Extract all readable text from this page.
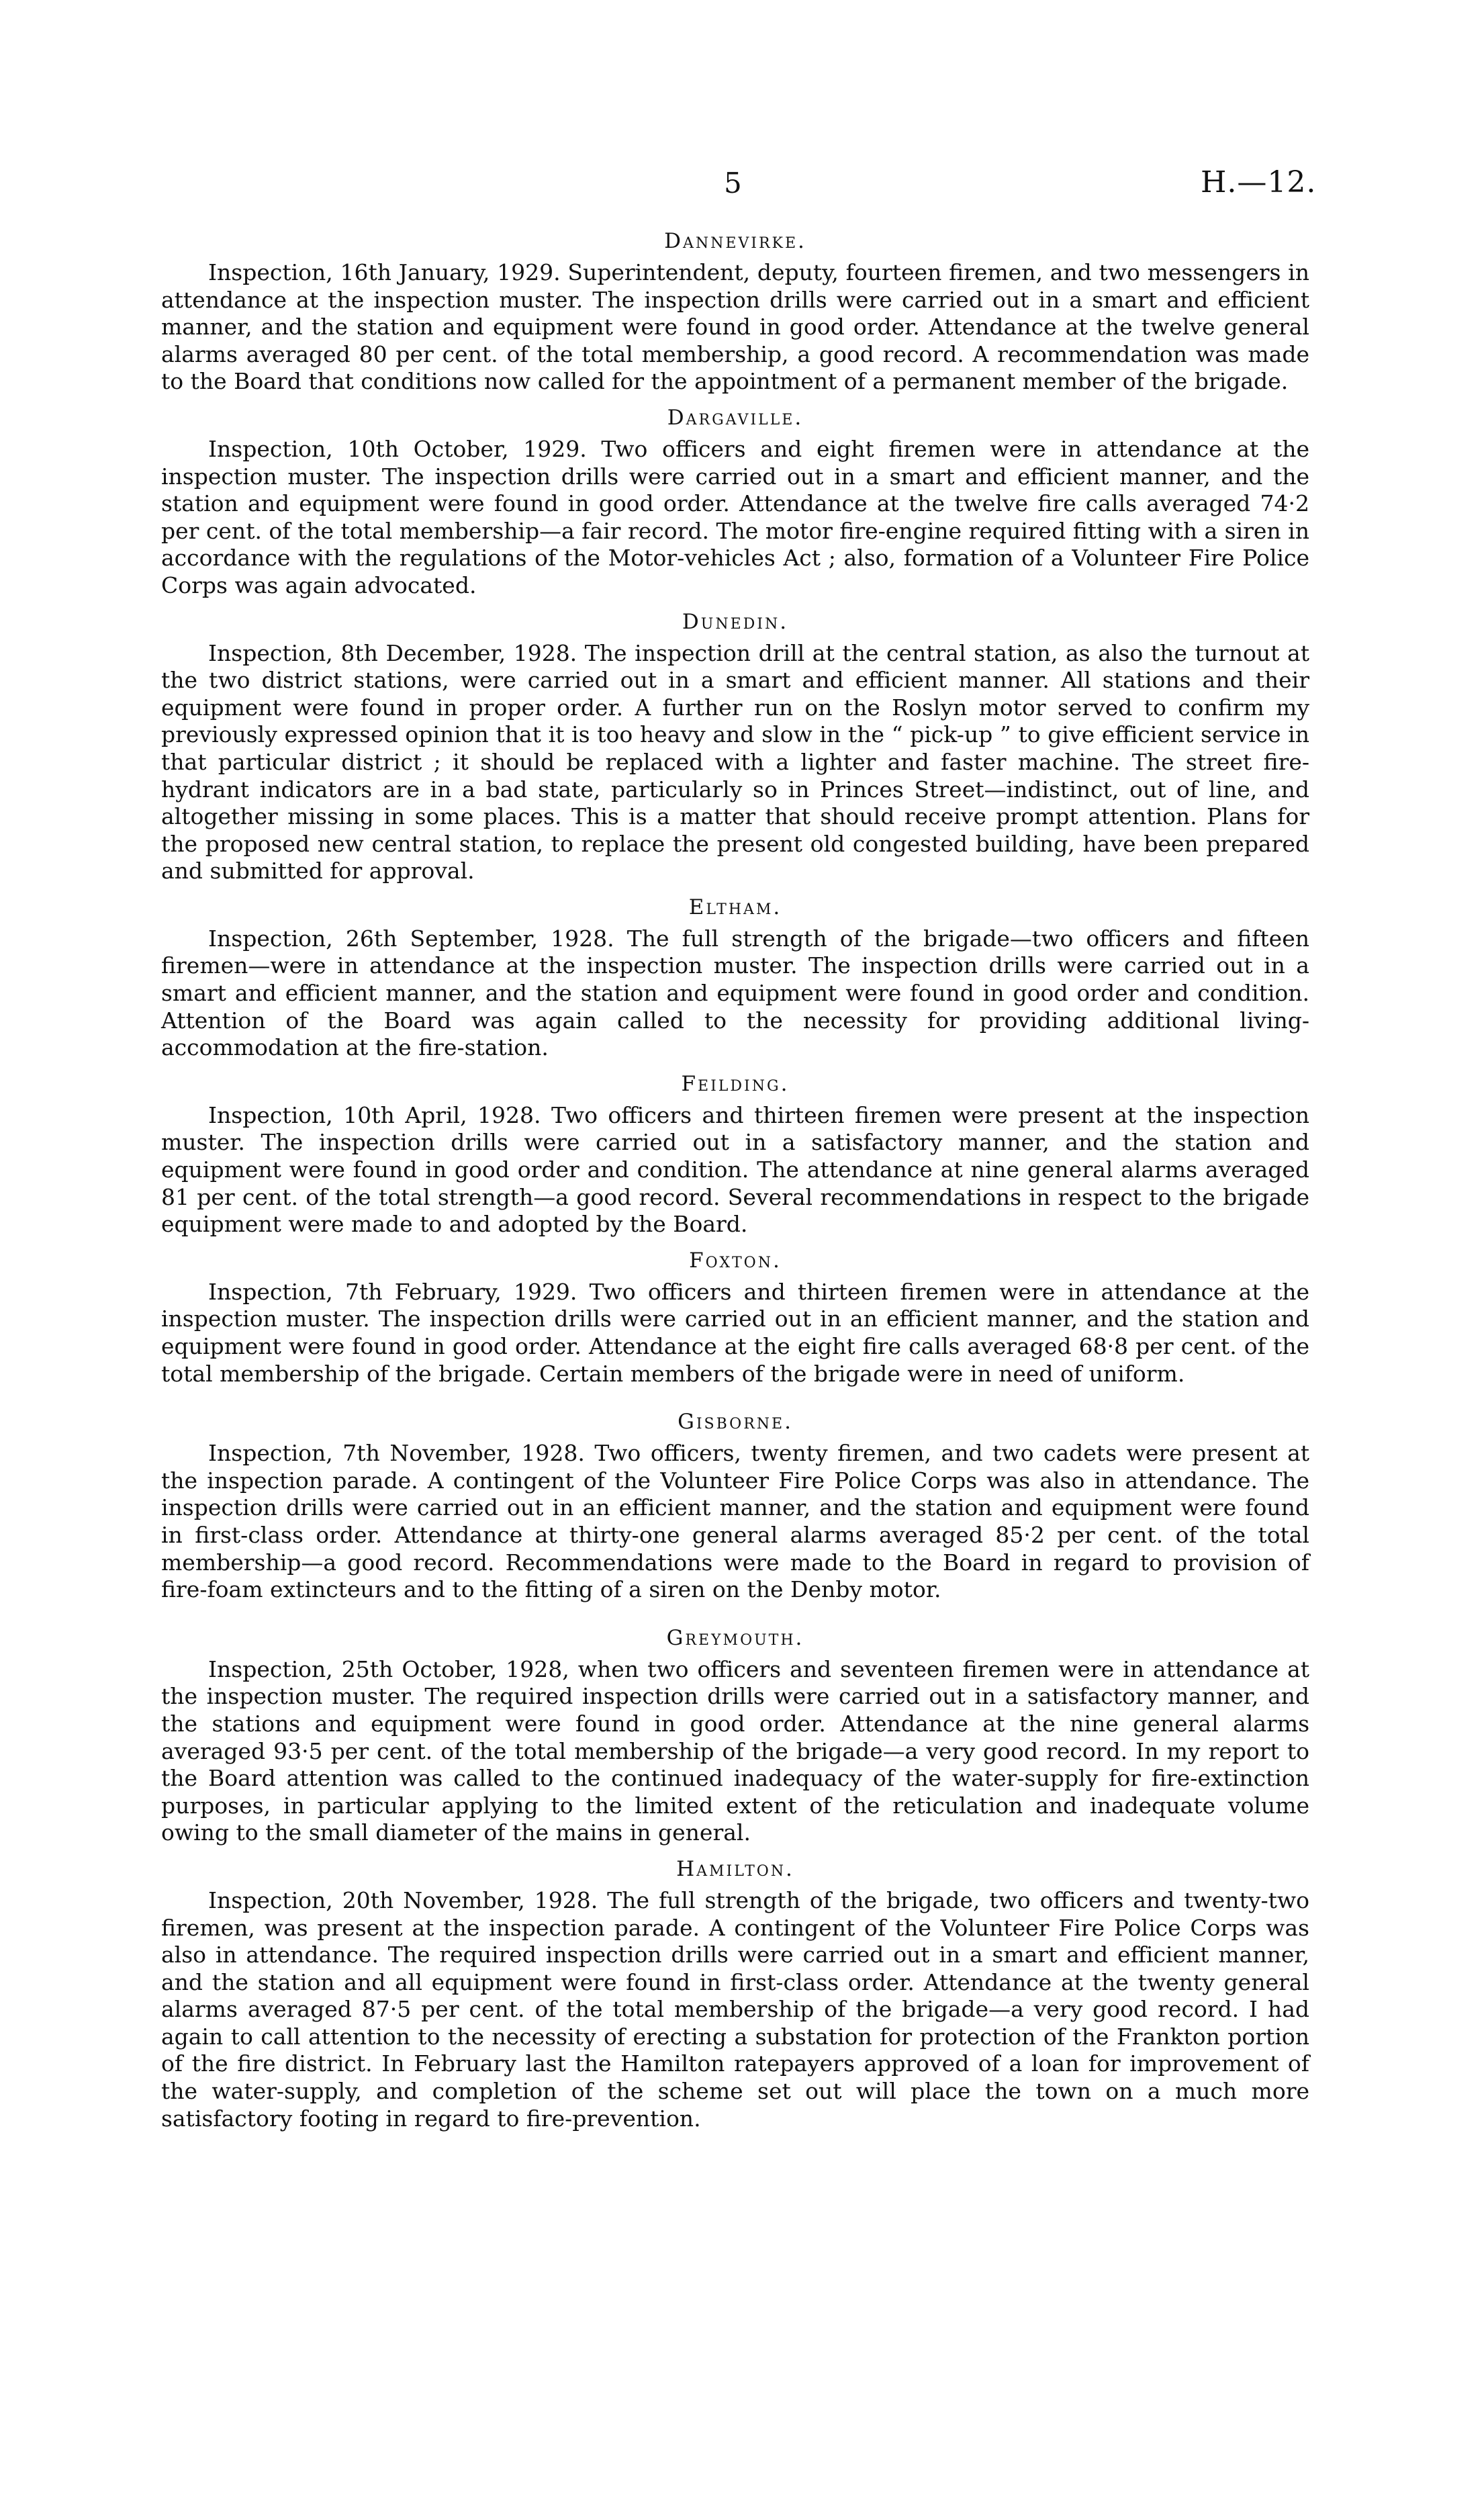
5	H.—12.
Dannevirke.

Inspection, 16th January, 1929. Superintendent, deputy, fourteen firemen, and two messengers in attendance at the inspection muster. The inspection drills were carried out in a smart and efficient manner, and the station and equipment were found in good order. Attendance at the twelve general alarms averaged 80 per cent. of the total membership, a good record. A recommendation was made to the Board that conditions now called for the appointment of a permanent member of the brigade.

Dargaville.

Inspection, 10th October, 1929. Two officers and eight firemen were in attendance at the inspection muster. The inspection drills were carried out in a smart and efficient manner, and the station and equipment were found in good order. Attendance at the twelve fire calls averaged 74·2 per cent. of the total membership—a fair record. The motor fire-engine required fitting with a siren in accordance with the regulations of the Motor-vehicles Act ; also, formation of a Volunteer Fire Police Corps was again advocated.

Dunedin.

Inspection, 8th December, 1928. The inspection drill at the central station, as also the turnout at the two district stations, were carried out in a smart and efficient manner. All stations and their equipment were found in proper order. A further run on the Roslyn motor served to confirm my previously expressed opinion that it is too heavy and slow in the “ pick-up ” to give efficient service in that particular district ; it should be replaced with a lighter and faster machine. The street fire-hydrant indicators are in a bad state, particularly so in Princes Street—indistinct, out of line, and altogether missing in some places. This is a matter that should receive prompt attention. Plans for the proposed new central station, to replace the present old congested building, have been prepared and submitted for approval.

Eltham.

Inspection, 26th September, 1928. The full strength of the brigade—two officers and fifteen firemen—were in attendance at the inspection muster. The inspection drills were carried out in a smart and efficient manner, and the station and equipment were found in good order and condition. Attention of the Board was again called to the necessity for providing additional living-accommodation at the fire-station.

Feilding.

Inspection, 10th April, 1928. Two officers and thirteen firemen were present at the inspection muster. The inspection drills were carried out in a satisfactory manner, and the station and equipment were found in good order and condition. The attendance at nine general alarms averaged 81 per cent. of the total strength—a good record. Several recommendations in respect to the brigade equipment were made to and adopted by the Board.

Foxton.

Inspection, 7th February, 1929. Two officers and thirteen firemen were in attendance at the inspection muster. The inspection drills were carried out in an efficient manner, and the station and equipment were found in good order. Attendance at the eight fire calls averaged 68·8 per cent. of the total membership of the brigade. Certain members of the brigade were in need of uniform.

Gisborne.

Inspection, 7th November, 1928. Two officers, twenty firemen, and two cadets were present at the inspection parade. A contingent of the Volunteer Fire Police Corps was also in attendance. The inspection drills were carried out in an efficient manner, and the station and equipment were found in first-class order. Attendance at thirty-one general alarms averaged 85·2 per cent. of the total membership—a good record. Recommendations were made to the Board in regard to provision of fire-foam extincteurs and to the fitting of a siren on the Denby motor.

Greymouth.

Inspection, 25th October, 1928, when two officers and seventeen firemen were in attendance at the inspection muster. The required inspection drills were carried out in a satisfactory manner, and the stations and equipment were found in good order. Attendance at the nine general alarms averaged 93·5 per cent. of the total membership of the brigade—a very good record. In my report to the Board attention was called to the continued inadequacy of the water-supply for fire-extinction purposes, in particular applying to the limited extent of the reticulation and inadequate volume owing to the small diameter of the mains in general.

Hamilton.

Inspection, 20th November, 1928. The full strength of the brigade, two officers and twenty-two firemen, was present at the inspection parade. A contingent of the Volunteer Fire Police Corps was also in attendance. The required inspection drills were carried out in a smart and efficient manner, and the station and all equipment were found in first-class order. Attendance at the twenty general alarms averaged 87·5 per cent. of the total membership of the brigade—a very good record. I had again to call attention to the necessity of erecting a substation for protection of the Frankton portion of the fire district. In February last the Hamilton ratepayers approved of a loan for improvement of the water-supply, and completion of the scheme set out will place the town on a much more satisfactory footing in regard to fire-prevention.
